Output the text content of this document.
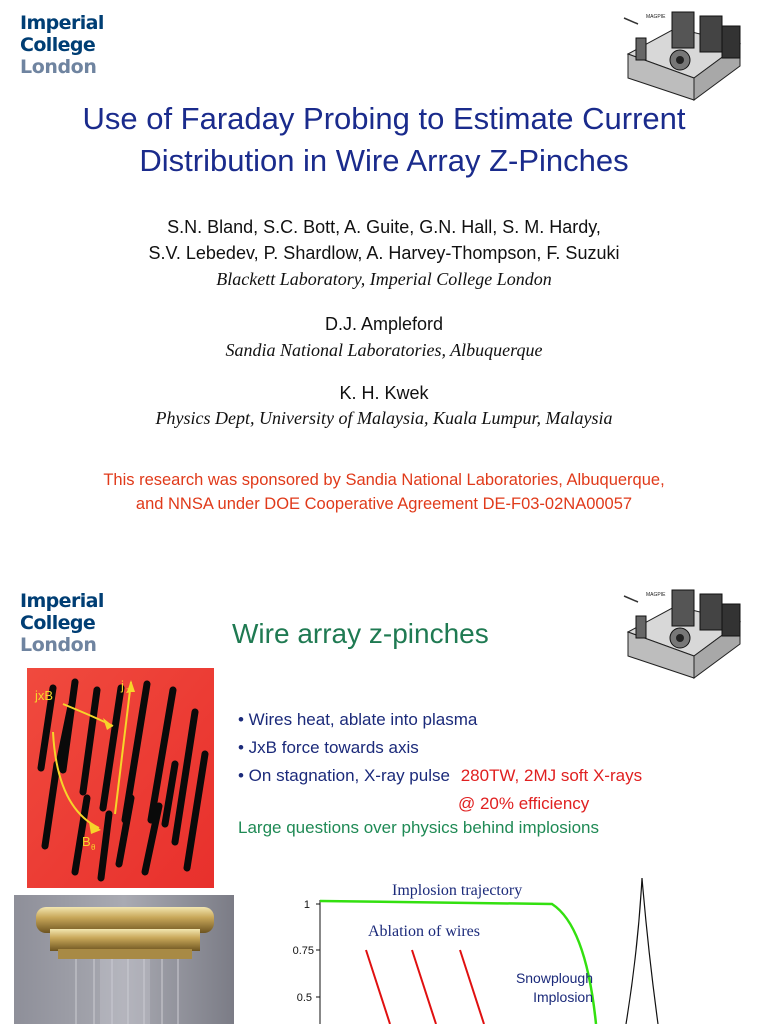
Imperial College
London
MAGPIE
Use of Faraday Probing to Estimate Current
Distribution in Wire Array Z-Pinches
S.N. Bland, S.C. Bott, A. Guite, G.N. Hall, S. M. Hardy,
S.V. Lebedev, P. Shardlow, A. Harvey-Thompson, F. Suzuki
Blackett Laboratory, Imperial College London
D.J. Ampleford
Sandia National Laboratories, Albuquerque
K. H. Kwek
Physics Dept, University of Malaysia, Kuala Lumpur, Malaysia
This research was sponsored by Sandia National Laboratories, Albuquerque,
and NNSA under DOE Cooperative Agreement DE-F03-02NA00057
Imperial College
London
MAGPIE
Wire array z-pinches
jxB
j z
B θ
• Wires heat, ablate into plasma
• JxB force towards axis
• On stagnation, X-ray pulse 280TW, 2MJ soft X-rays
@ 20% efficiency
Large questions over physics behind implosions
1
0.75
0.5
Implosion trajectory
Ablation of wires
Snowplough
Implosion
